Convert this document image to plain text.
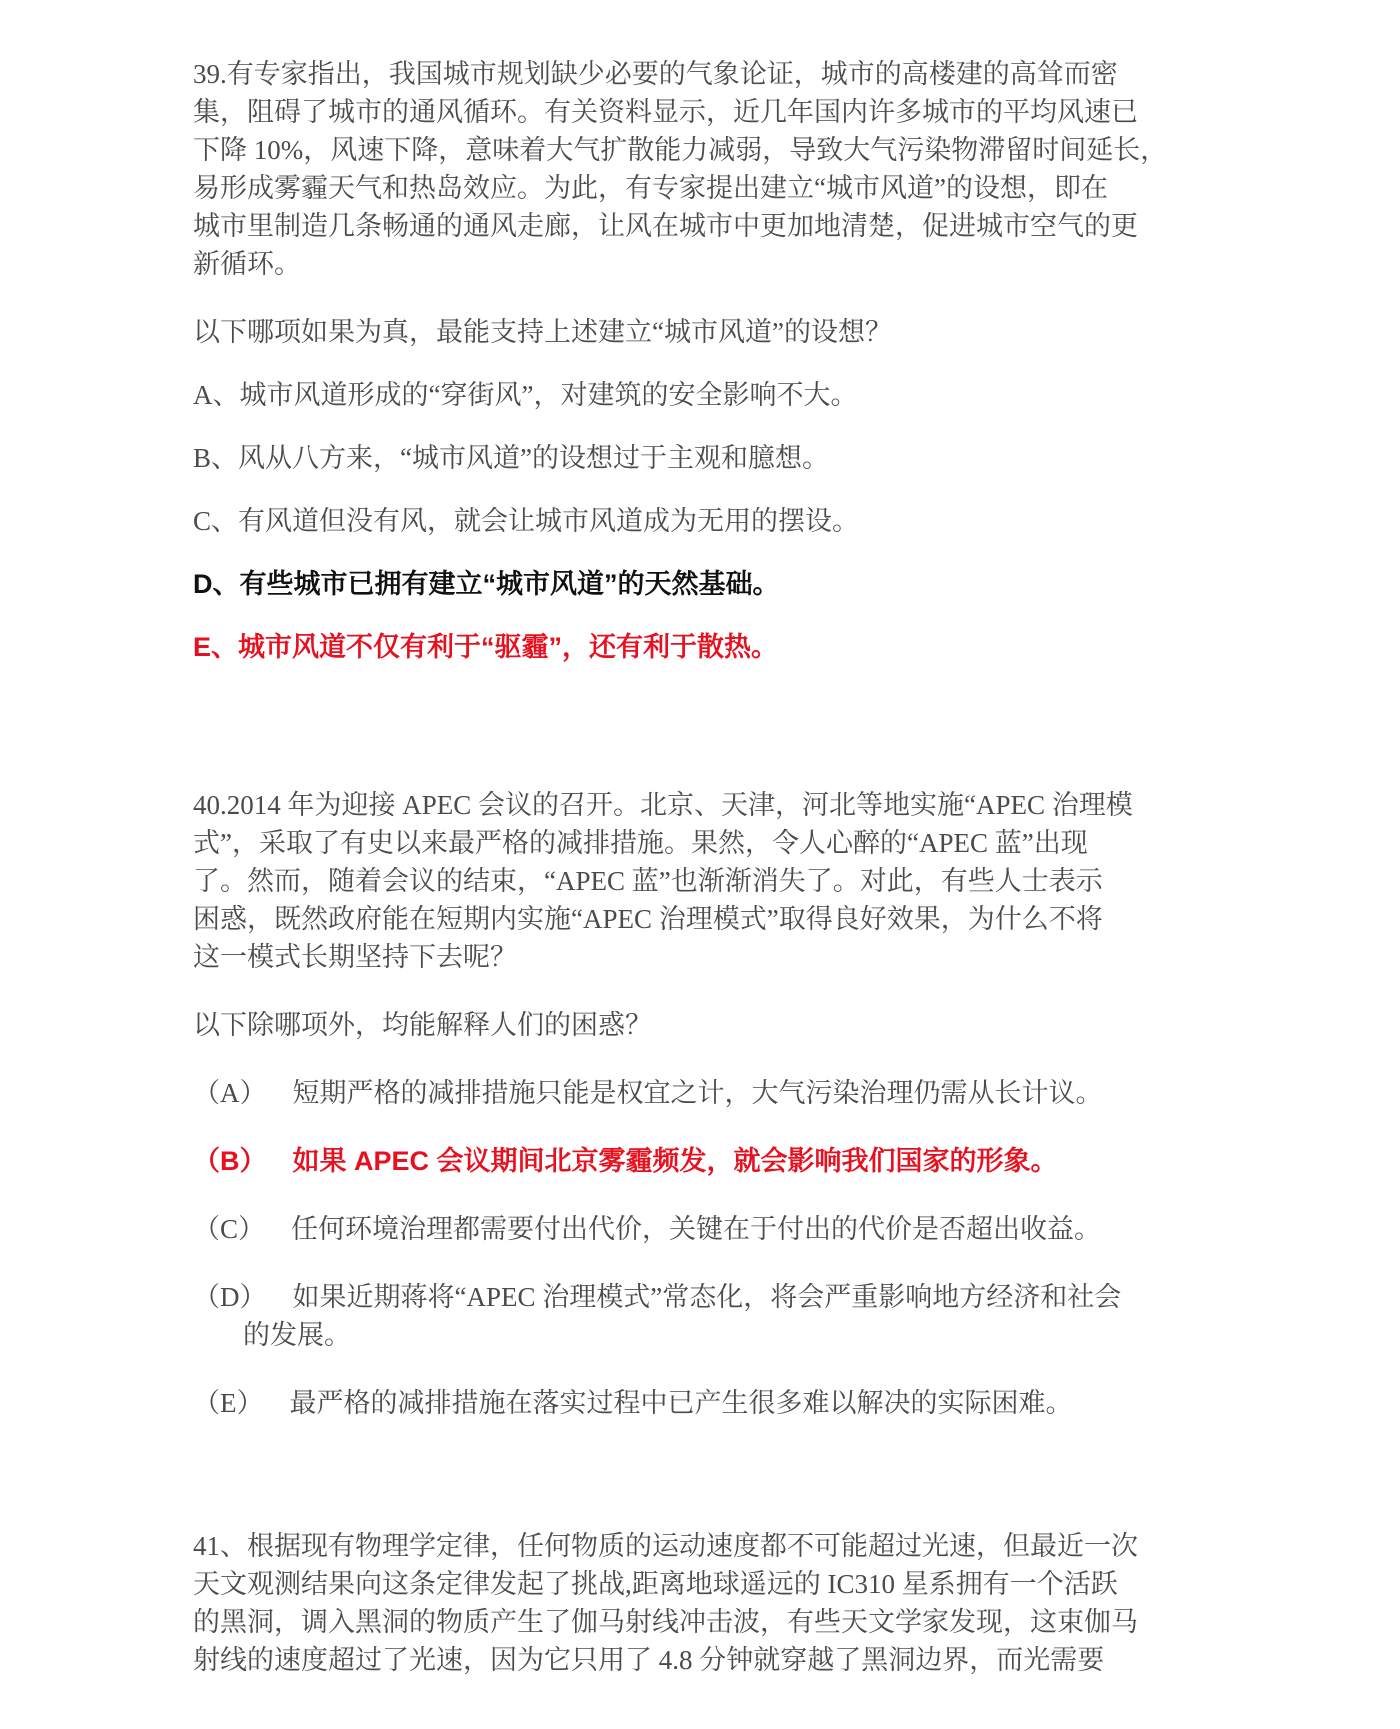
39.有专家指出，我国城市规划缺少必要的气象论证，城市的高楼建的高耸而密
集，阻碍了城市的通风循环。有关资料显示，近几年国内许多城市的平均风速已
下降 10%，风速下降，意味着大气扩散能力减弱，导致大气污染物滞留时间延长，
易形成雾霾天气和热岛效应。为此，有专家提出建立“城市风道”的设想，即在
城市里制造几条畅通的通风走廊，让风在城市中更加地清楚，促进城市空气的更
新循环。
以下哪项如果为真，最能支持上述建立“城市风道”的设想？
A、城市风道形成的“穿街风”，对建筑的安全影响不大。
B、风从八方来，“城市风道”的设想过于主观和臆想。
C、有风道但没有风，就会让城市风道成为无用的摆设。
D、有些城市已拥有建立“城市风道”的天然基础。
E、城市风道不仅有利于“驱霾”，还有利于散热。
40.2014 年为迎接 APEC 会议的召开。北京、天津，河北等地实施“APEC 治理模
式”，采取了有史以来最严格的减排措施。果然，令人心醉的“APEC 蓝”出现
了。然而，随着会议的结束，“APEC 蓝”也渐渐消失了。对此，有些人士表示
困惑，既然政府能在短期内实施“APEC 治理模式”取得良好效果，为什么不将
这一模式长期坚持下去呢？
以下除哪项外，均能解释人们的困惑？
（A） 短期严格的减排措施只能是权宜之计，大气污染治理仍需从长计议。
（B） 如果 APEC 会议期间北京雾霾频发，就会影响我们国家的形象。
（C） 任何环境治理都需要付出代价，关键在于付出的代价是否超出收益。
（D） 如果近期蒋将“APEC 治理模式”常态化，将会严重影响地方经济和社会
的发展。
（E） 最严格的减排措施在落实过程中已产生很多难以解决的实际困难。
41、根据现有物理学定律，任何物质的运动速度都不可能超过光速，但最近一次
天文观测结果向这条定律发起了挑战,距离地球遥远的 IC310 星系拥有一个活跃
的黑洞，调入黑洞的物质产生了伽马射线冲击波，有些天文学家发现，这束伽马
射线的速度超过了光速，因为它只用了 4.8 分钟就穿越了黑洞边界，而光需要
